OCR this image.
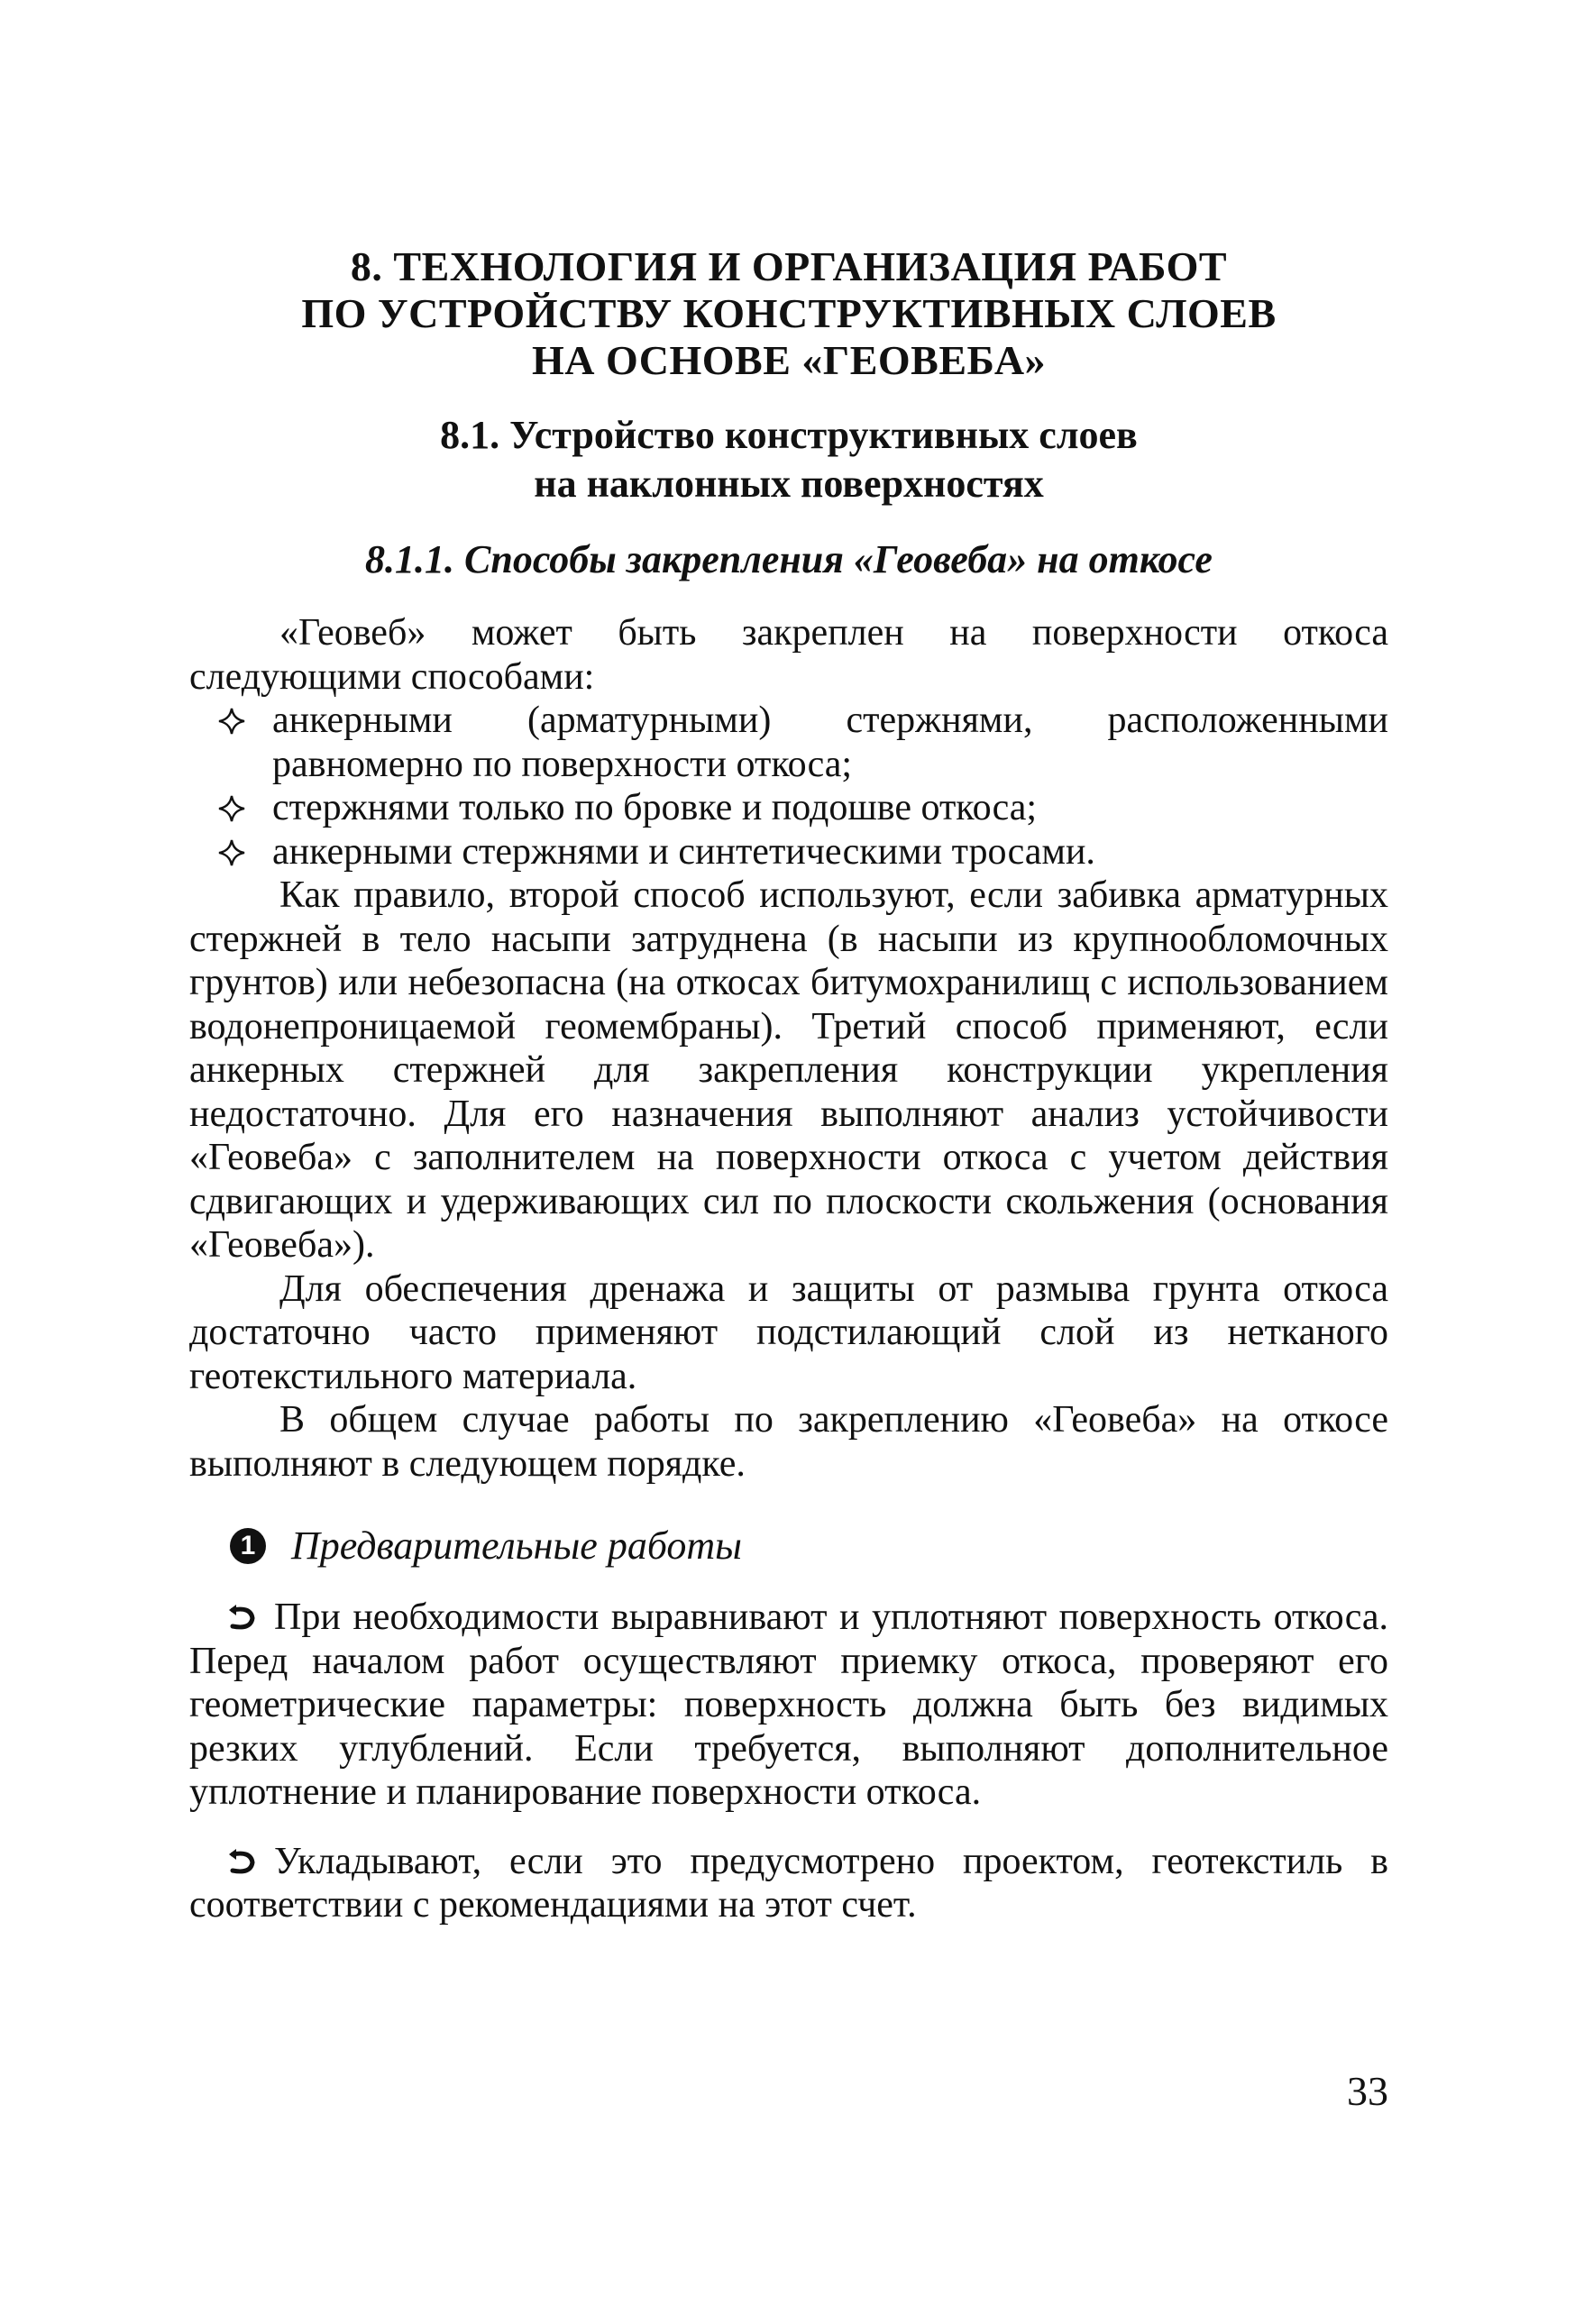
8. ТЕХНОЛОГИЯ И ОРГАНИЗАЦИЯ РАБОТ
ПО УСТРОЙСТВУ КОНСТРУКТИВНЫХ СЛОЕВ
НА ОСНОВЕ «ГЕОВЕБА»
8.1. Устройство конструктивных слоев
на наклонных поверхностях
8.1.1. Способы закрепления «Геовеба» на откосе

«Геовеб» может быть закреплен на поверхности откоса следующими способами:

анкерными (арматурными) стержнями, расположенными равномерно по поверхности откоса;
стержнями только по бровке и подошве откоса;
анкерными стержнями и синтетическими тросами.

Как правило, второй способ используют, если забивка арматурных стержней в тело насыпи затруднена (в насыпи из крупнообломочных грунтов) или небезопасна (на откосах битумохранилищ с использованием водонепроницаемой геомембраны). Третий способ применяют, если анкерных стержней для закрепления конструкции укрепления недостаточно. Для его назначения выполняют анализ устойчивости «Геовеба» с заполнителем на поверхности откоса с учетом действия сдвигающих и удерживающих сил по плоскости скольжения (основания «Геовеба»).

Для обеспечения дренажа и защиты от размыва грунта откоса достаточно часто применяют подстилающий слой из нетканого геотекстильного материала.

В общем случае работы по закреплению «Геовеба» на откосе выполняют в следующем порядке.

1 Предварительные работы

При необходимости выравнивают и уплотняют поверхность откоса. Перед началом работ осуществляют приемку откоса, проверяют его геометрические параметры: поверхность должна быть без видимых резких углублений. Если требуется, выполняют дополнительное уплотнение и планирование поверхности откоса.

Укладывают, если это предусмотрено проектом, геотекстиль в соответствии с рекомендациями на этот счет.

33
